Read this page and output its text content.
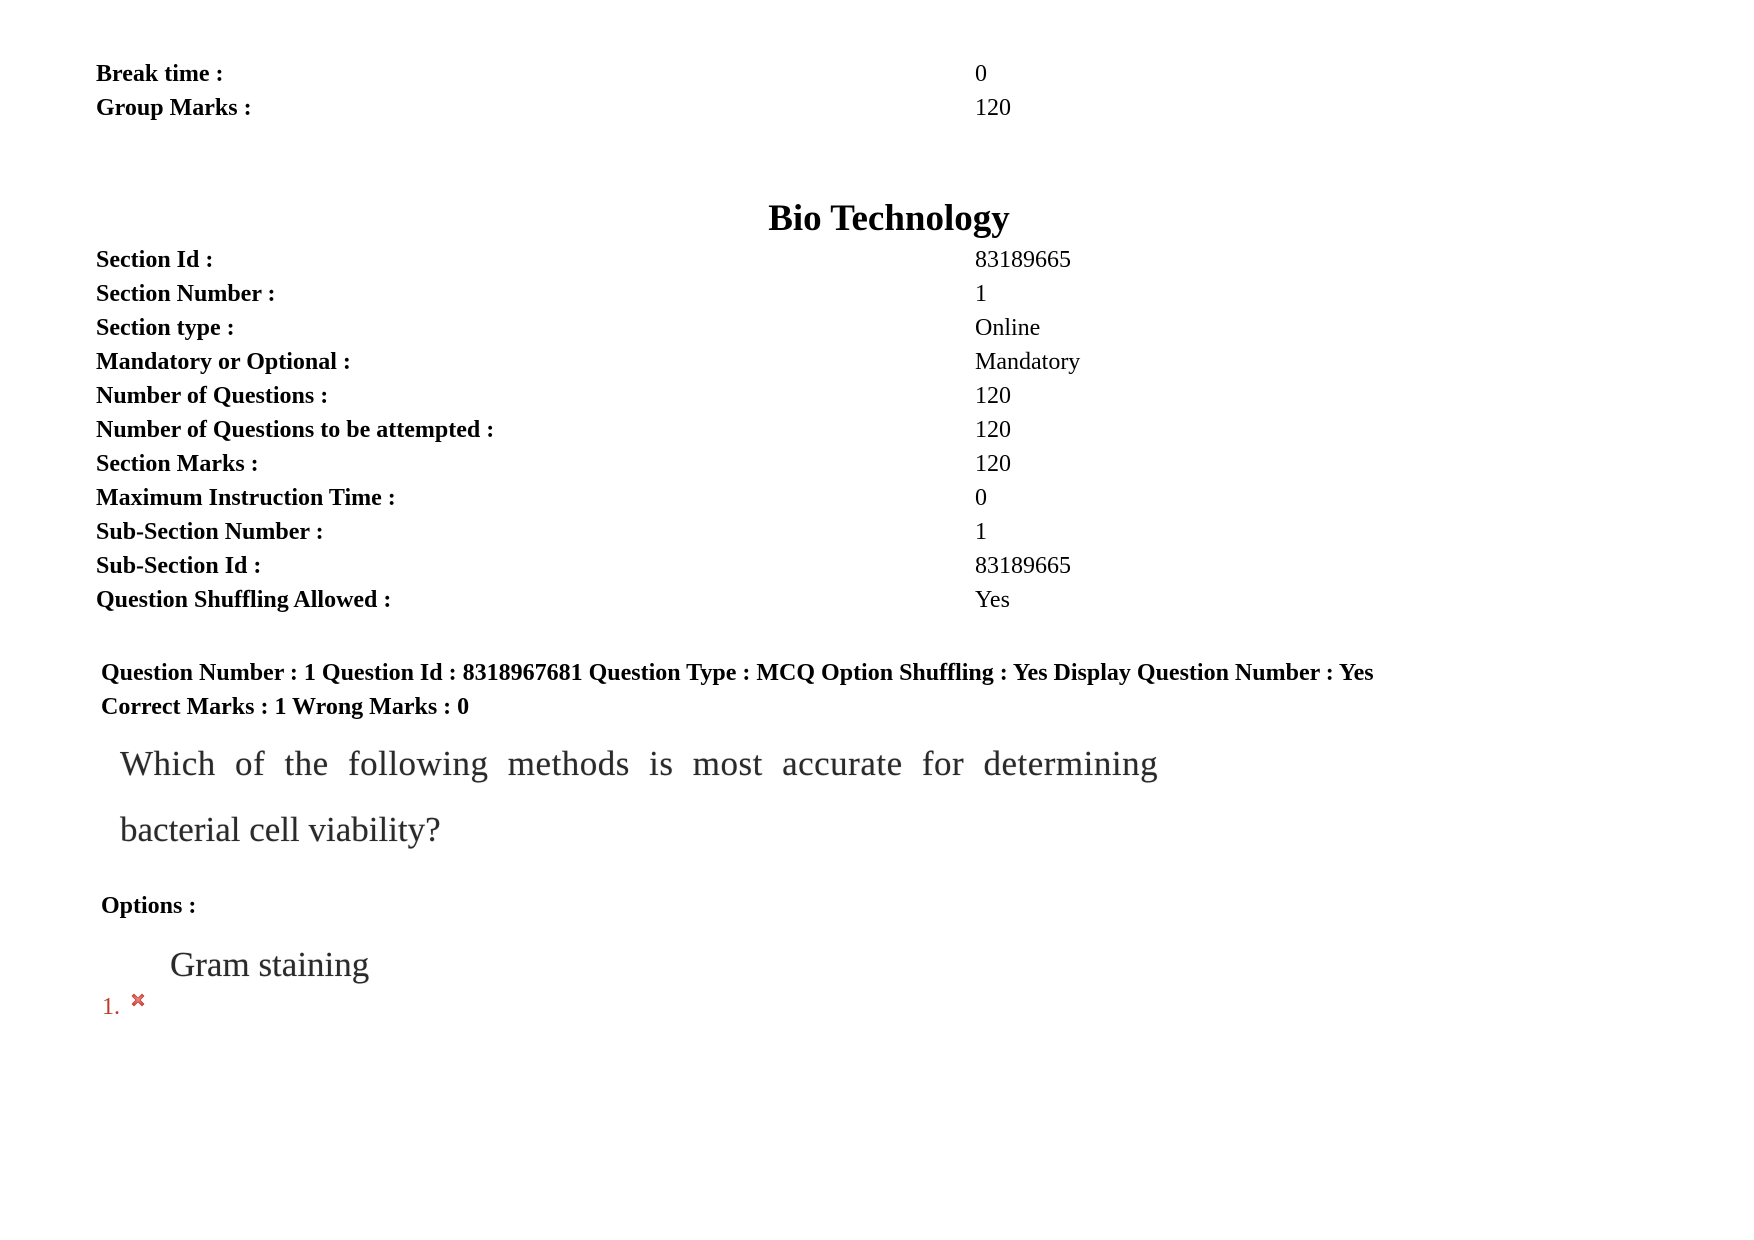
Break time :	0
Group Marks :	120
Bio Technology
Section Id :	83189665
Section Number :	1
Section type :	Online
Mandatory or Optional :	Mandatory
Number of Questions :	120
Number of Questions to be attempted :	120
Section Marks :	120
Maximum Instruction Time :	0
Sub-Section Number :	1
Sub-Section Id :	83189665
Question Shuffling Allowed :	Yes
Question Number : 1 Question Id : 8318967681 Question Type : MCQ Option Shuffling : Yes Display Question Number : Yes
Correct Marks : 1 Wrong Marks : 0
Which of the following methods is most accurate for determining
bacterial cell viability?
Options :
Gram staining
1.
